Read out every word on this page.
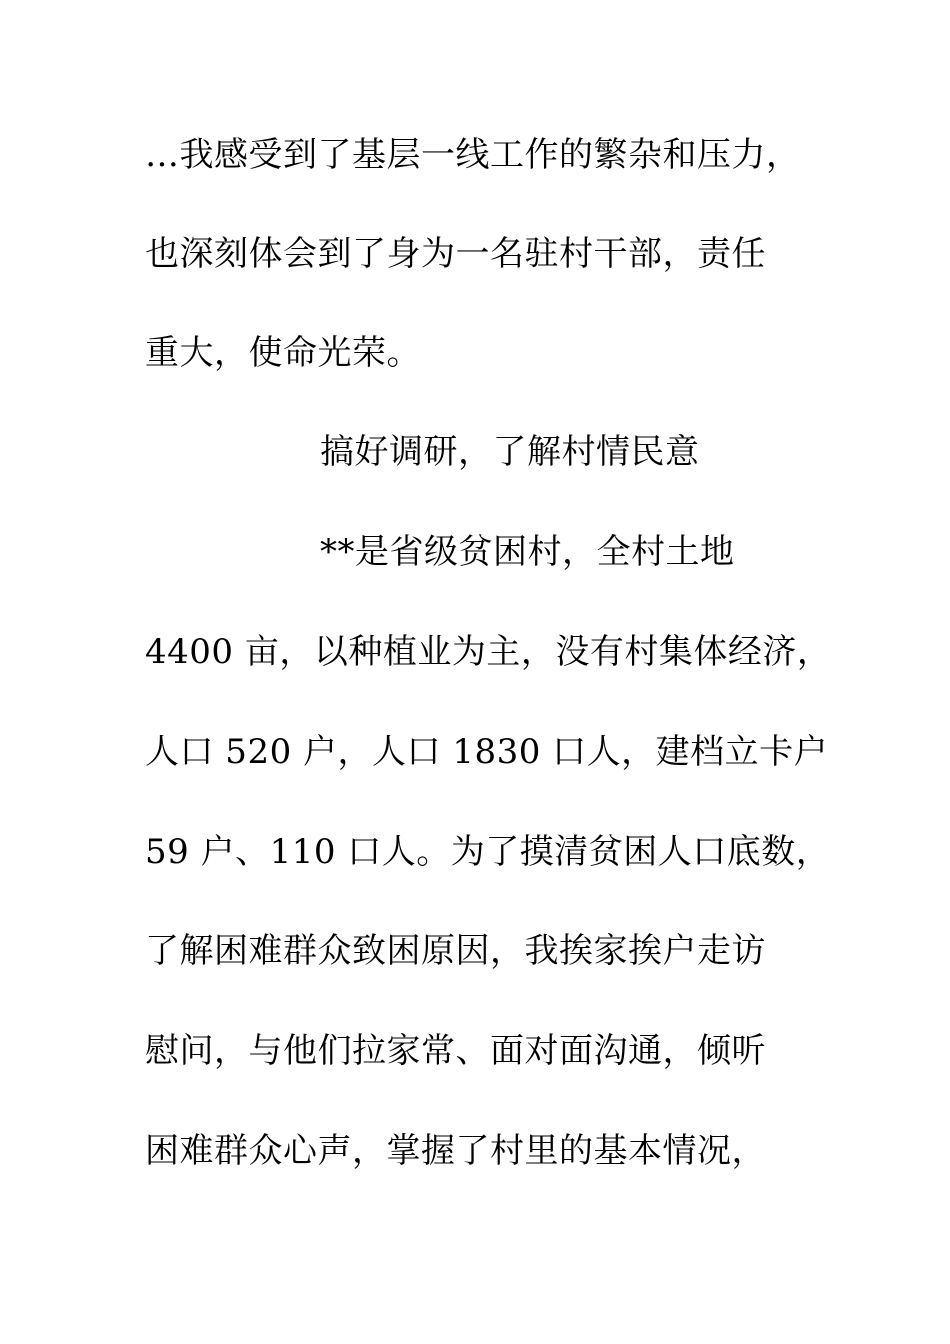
…我感受到了基层一线工作的繁杂和压力，
也深刻体会到了身为一名驻村干部，责任
重大，使命光荣。
搞好调研，了解村情民意
**是省级贫困村，全村土地
4400 亩，以种植业为主，没有村集体经济，
人口 520 户，人口 1830 口人，建档立卡户
59 户、110 口人。为了摸清贫困人口底数，
了解困难群众致困原因，我挨家挨户走访
慰问，与他们拉家常、面对面沟通，倾听
困难群众心声，掌握了村里的基本情况，
